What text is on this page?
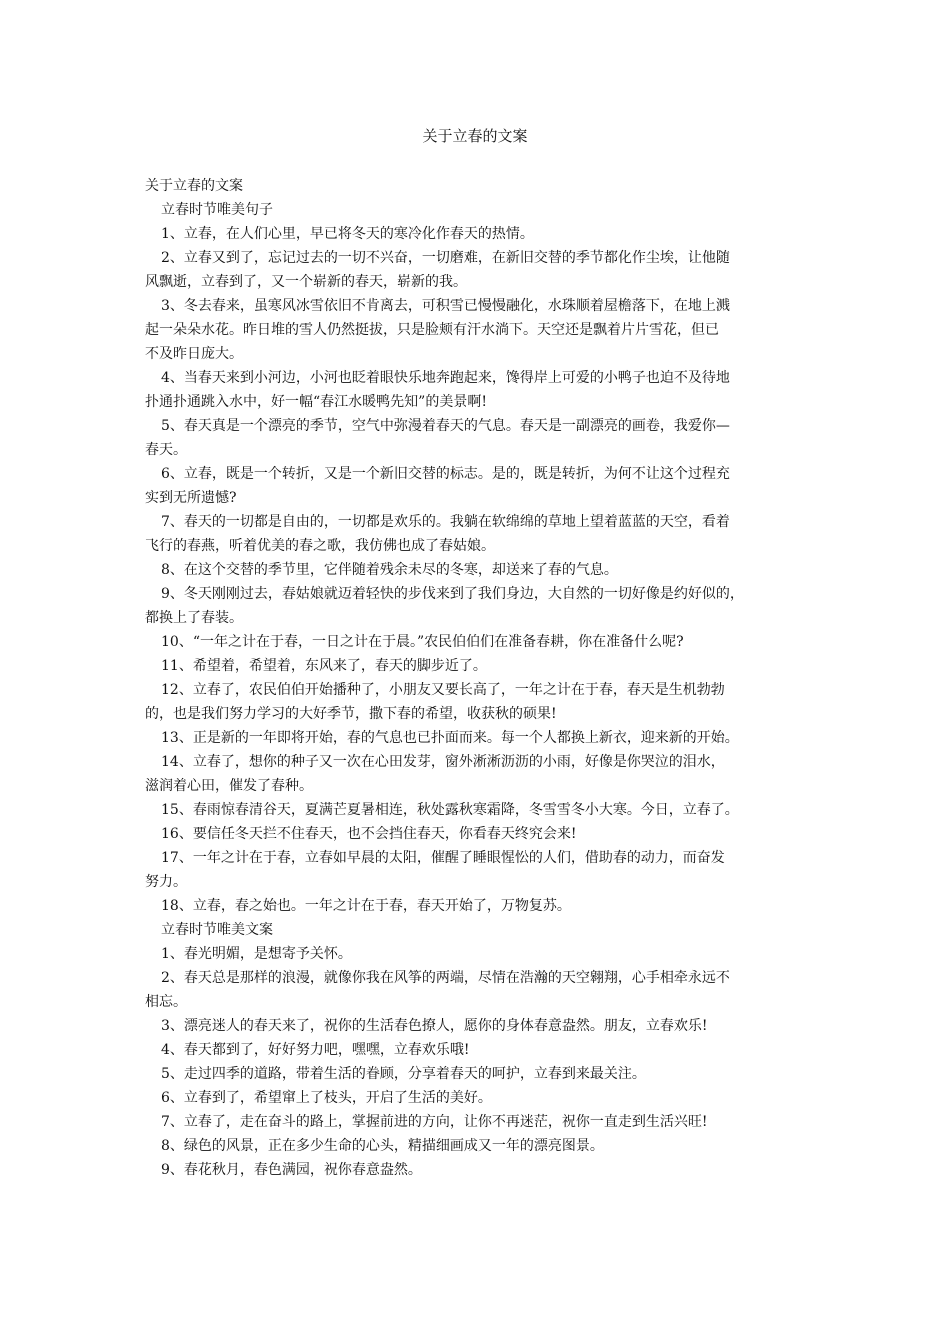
关于立春的文案

关于立春的文案

立春时节唯美句子

1、立春，在人们心里，早已将冬天的寒冷化作春天的热情。

2、立春又到了，忘记过去的一切不兴奋，一切磨难，在新旧交替的季节都化作尘埃，让他随

风飘逝，立春到了，又一个崭新的春天，崭新的我。

3、冬去春来，虽寒风冰雪依旧不肯离去，可积雪已慢慢融化，水珠顺着屋檐落下，在地上溅

起一朵朵水花。昨日堆的雪人仍然挺拔，只是脸颊有汗水淌下。天空还是飘着片片雪花，但已

不及昨日庞大。

4、当春天来到小河边，小河也眨着眼快乐地奔跑起来，馋得岸上可爱的小鸭子也迫不及待地

扑通扑通跳入水中，好一幅“春江水暖鸭先知”的美景啊!

5、春天真是一个漂亮的季节，空气中弥漫着春天的气息。春天是一副漂亮的画卷，我爱你—

春天。

6、立春，既是一个转折，又是一个新旧交替的标志。是的，既是转折，为何不让这个过程充

实到无所遗憾?

7、春天的一切都是自由的，一切都是欢乐的。我躺在软绵绵的草地上望着蓝蓝的天空，看着

飞行的春燕，听着优美的春之歌，我仿佛也成了春姑娘。

8、在这个交替的季节里，它伴随着残余未尽的冬寒，却送来了春的气息。

9、冬天刚刚过去，春姑娘就迈着轻快的步伐来到了我们身边，大自然的一切好像是约好似的，

都换上了春装。

10、“一年之计在于春，一日之计在于晨。”农民伯伯们在准备春耕，你在准备什么呢?

11、希望着，希望着，东风来了，春天的脚步近了。

12、立春了，农民伯伯开始播种了，小朋友又要长高了，一年之计在于春，春天是生机勃勃

的，也是我们努力学习的大好季节，撒下春的希望，收获秋的硕果!

13、正是新的一年即将开始，春的气息也已扑面而来。每一个人都换上新衣，迎来新的开始。

14、立春了，想你的种子又一次在心田发芽，窗外淅淅沥沥的小雨，好像是你哭泣的泪水，

滋润着心田，催发了春种。

15、春雨惊春清谷天，夏满芒夏暑相连，秋处露秋寒霜降，冬雪雪冬小大寒。今日，立春了。

16、要信任冬天拦不住春天，也不会挡住春天，你看春天终究会来!

17、一年之计在于春，立春如早晨的太阳，催醒了睡眼惺忪的人们，借助春的动力，而奋发

努力。

18、立春，春之始也。一年之计在于春，春天开始了，万物复苏。

立春时节唯美文案

1、春光明媚，是想寄予关怀。

2、春天总是那样的浪漫，就像你我在风筝的两端，尽情在浩瀚的天空翱翔，心手相牵永远不

相忘。

3、漂亮迷人的春天来了，祝你的生活春色撩人，愿你的身体春意盎然。朋友，立春欢乐!

4、春天都到了，好好努力吧，嘿嘿，立春欢乐哦!

5、走过四季的道路，带着生活的眷顾，分享着春天的呵护，立春到来最关注。

6、立春到了，希望窜上了枝头，开启了生活的美好。

7、立春了，走在奋斗的路上，掌握前进的方向，让你不再迷茫，祝你一直走到生活兴旺!

8、绿色的风景，正在多少生命的心头，精描细画成又一年的漂亮图景。

9、春花秋月，春色满园，祝你春意盎然。
